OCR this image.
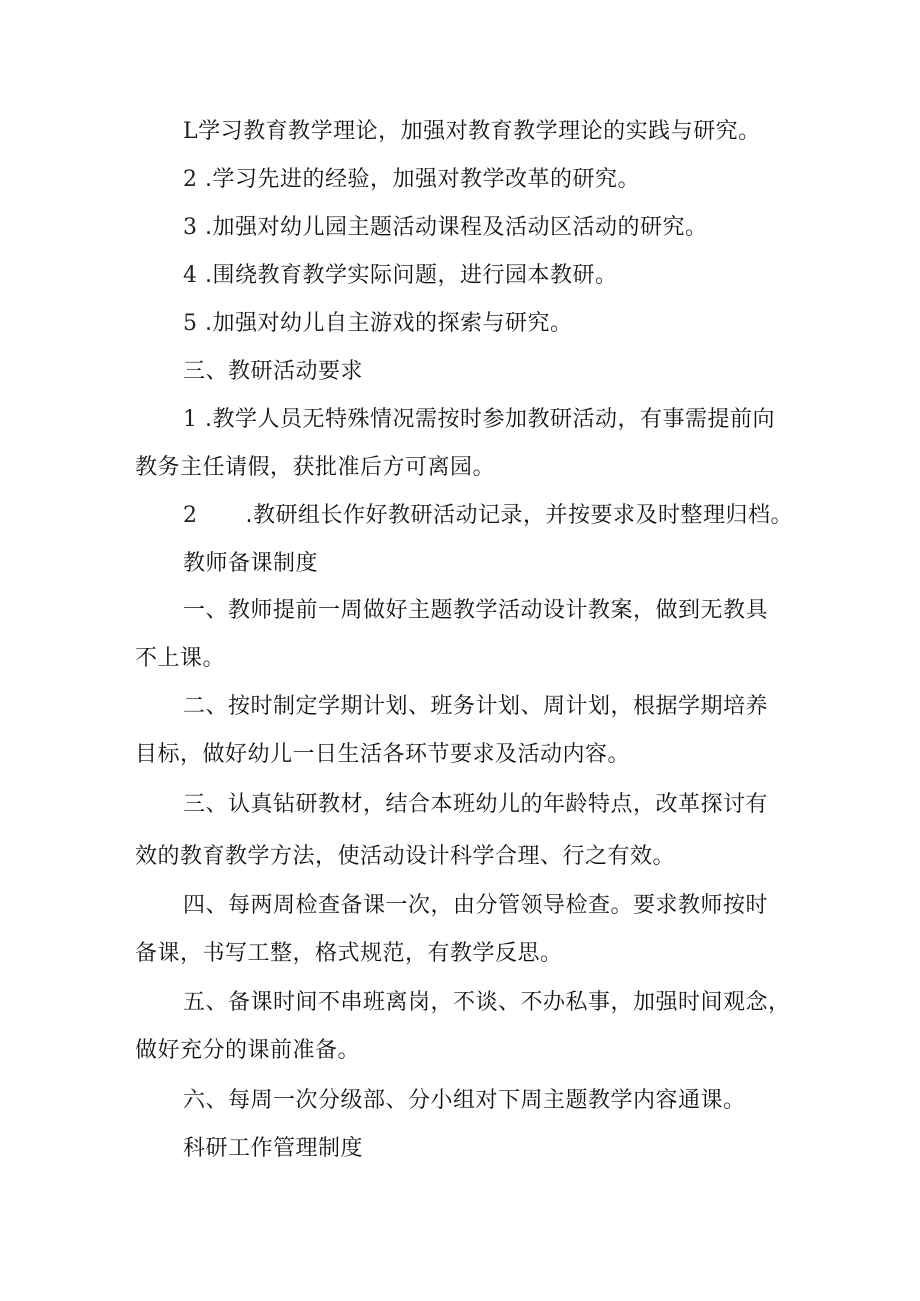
L学习教育教学理论，加强对教育教学理论的实践与研究。
2 .学习先进的经验，加强对教学改革的研究。
3 .加强对幼儿园主题活动课程及活动区活动的研究。
4 .围绕教育教学实际问题，进行园本教研。
5 .加强对幼儿自主游戏的探索与研究。
三、教研活动要求
1 .教学人员无特殊情况需按时参加教研活动，有事需提前向
教务主任请假，获批准后方可离园。
2 .教研组长作好教研活动记录，并按要求及时整理归档。
教师备课制度
一、教师提前一周做好主题教学活动设计教案，做到无教具
不上课。
二、按时制定学期计划、班务计划、周计划，根据学期培养
目标，做好幼儿一日生活各环节要求及活动内容。
三、认真钻研教材，结合本班幼儿的年龄特点，改革探讨有
效的教育教学方法，使活动设计科学合理、行之有效。
四、每两周检查备课一次，由分管领导检查。要求教师按时
备课，书写工整，格式规范，有教学反思。
五、备课时间不串班离岗，不谈、不办私事，加强时间观念，
做好充分的课前准备。
六、每周一次分级部、分小组对下周主题教学内容通课。
科研工作管理制度
